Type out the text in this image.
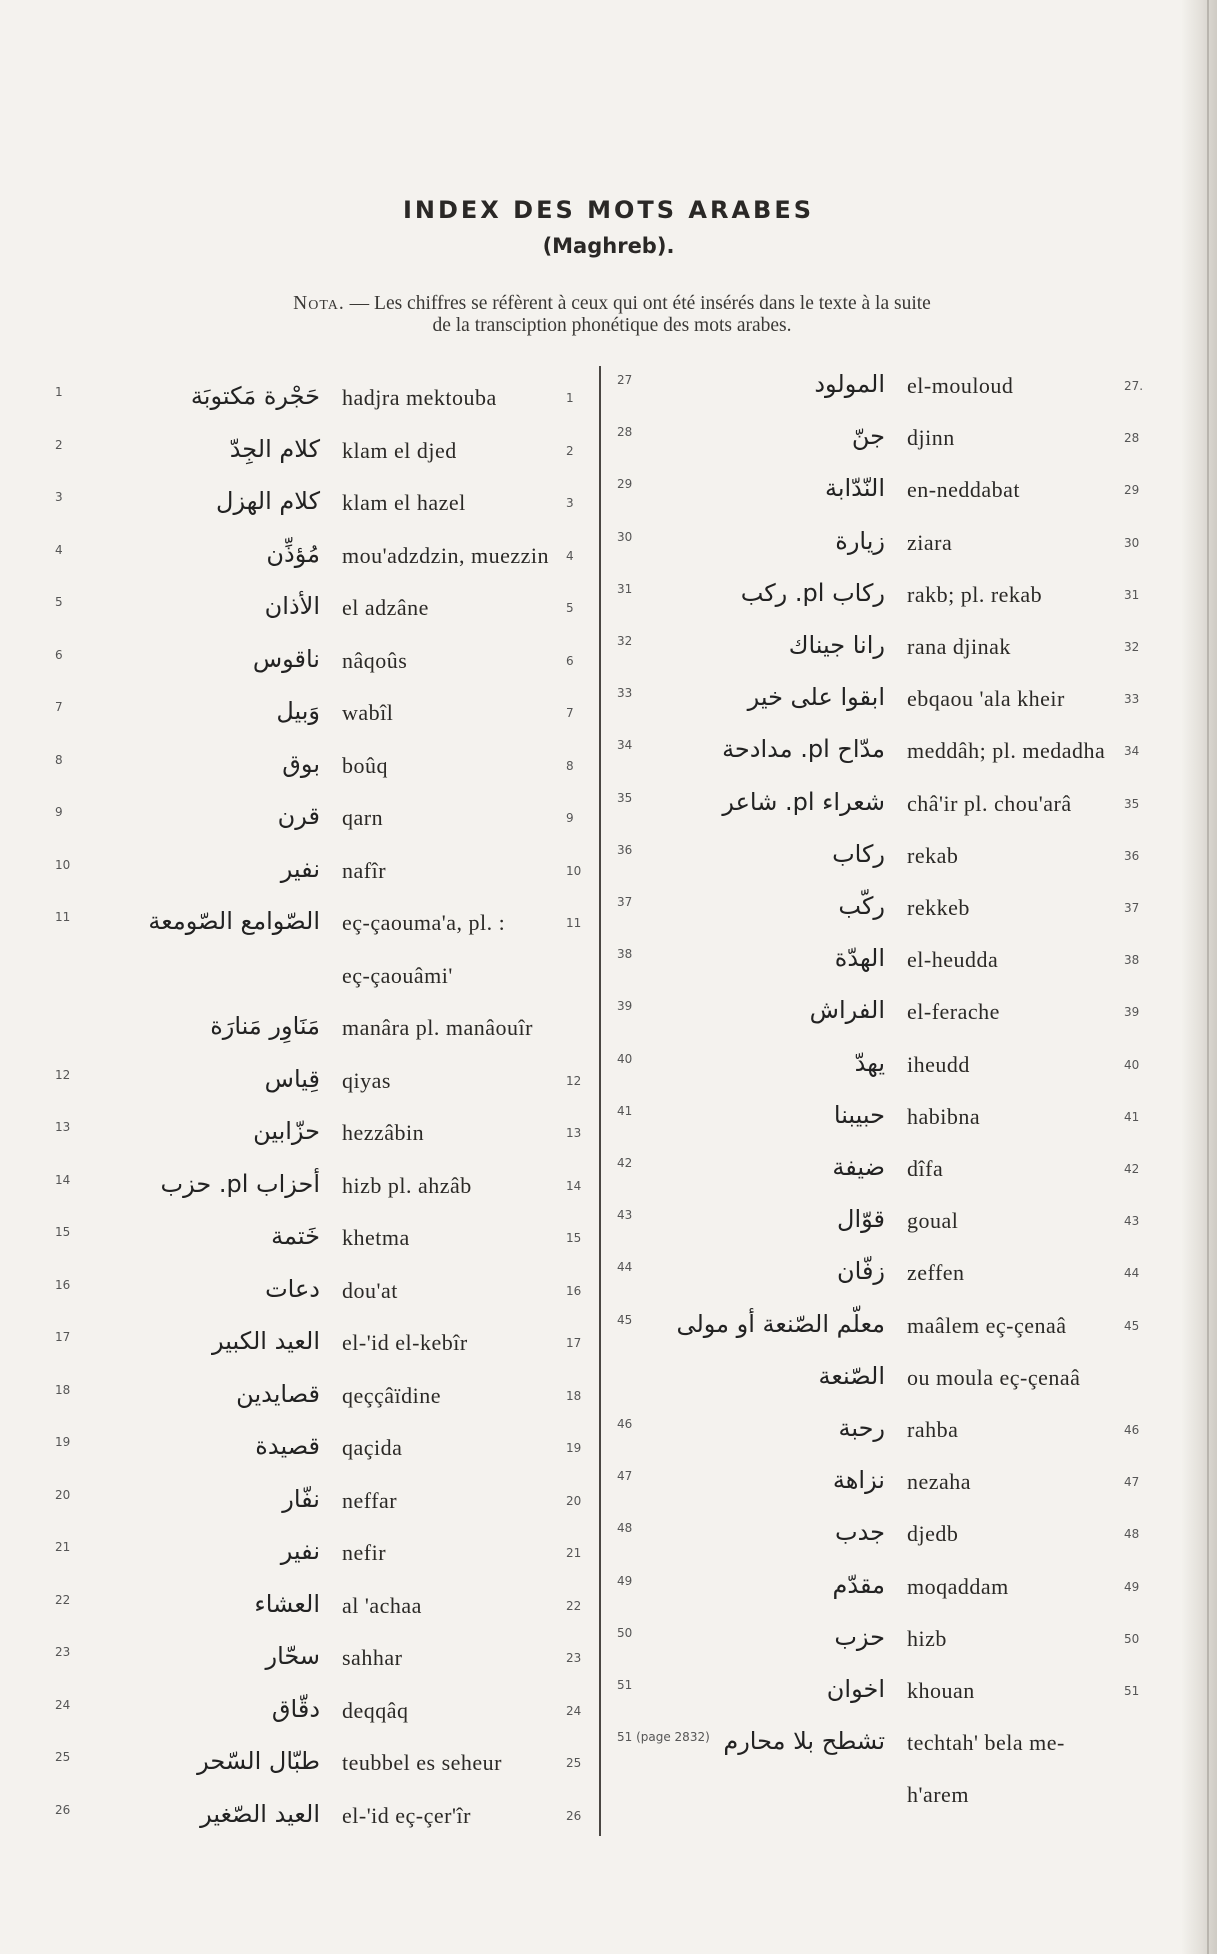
INDEX DES MOTS ARABES
(Maghreb).
Nota. — Les chiffres se réfèrent à ceux qui ont été insérés dans le texte à la suite
de la transciption phonétique des mots arabes.
1	حَجْرة مَكتوبَة hadjra mektouba	1
2	كلام الجِدّ klam el djed	2
3	كلام الهزل klam el hazel	3
4	مُؤذِّن mou'adzdzin, muezzin 4
5	الأذان el adzâne	5
6	ناقوس nâqoûs	6
7	وَبيل wabîl	7
8	بوق boûq	8
9	قرن qarn	9
10	نفير nafîr	10
11	الصّوامع الصّومعة eç-çaouma'a, pl. :	11
eç-çaouâmi'
مَنَاوِر مَنارَة manâra pl. manâouîr
12	قِياس qiyas	12
13	حزّابين hezzâbin	13
14	أحزاب pl. حزب hizb pl. ahzâb	14
15	خَتمة khetma	15
16	دعات dou'at	16
17	العيد الكبير el-'id el-kebîr	17
18	قصايدين qeççâïdine	18
19	قصيدة qaçida	19
20	نفّار neffar	20
21	نفير nefir	21
22	العشاء al 'achaa	22
23	سحّار sahhar	23
24	دقّاق deqqâq	24
25	طبّال السّحر teubbel es seheur	25
26	العيد الصّغير el-'id eç-çer'îr	26
27	المولود el-mouloud	27.
28	جنّ djinn	28
29	النّدّابة en-neddabat	29
30	زيارة ziara	30
31	ركاب pl. ركب rakb; pl. rekab	31
32	رانا جيناك rana djinak	32
33	ابقوا على خير ebqaou 'ala kheir	33
34	مدّاح pl. مدادحة meddâh; pl. medadha 34
35	شعراء pl. شاعر châ'ir pl. chou'arâ	35
36	ركاب rekab	36
37	ركّب rekkeb	37
38	الهدّة el-heudda	38
39	الفراش el-ferache	39
40	يهدّ iheudd	40
41	حبيبنا habibna	41
42	ضيفة dîfa	42
43	قوّال goual	43
44	زفّان zeffen	44
45 معلّم الصّنعة أو مولى maâlem eç-çenaâ	45
الصّنعة ou moula eç-çenaâ
46	رحبة rahba	46
47	نزاهة nezaha	47
48	جدب djedb	48
49	مقدّم moqaddam	49
50	حزب hizb	50
51	اخوان khouan	51
51 (page 2832) تشطح بلا محارم techtah' bela me-
h'arem
